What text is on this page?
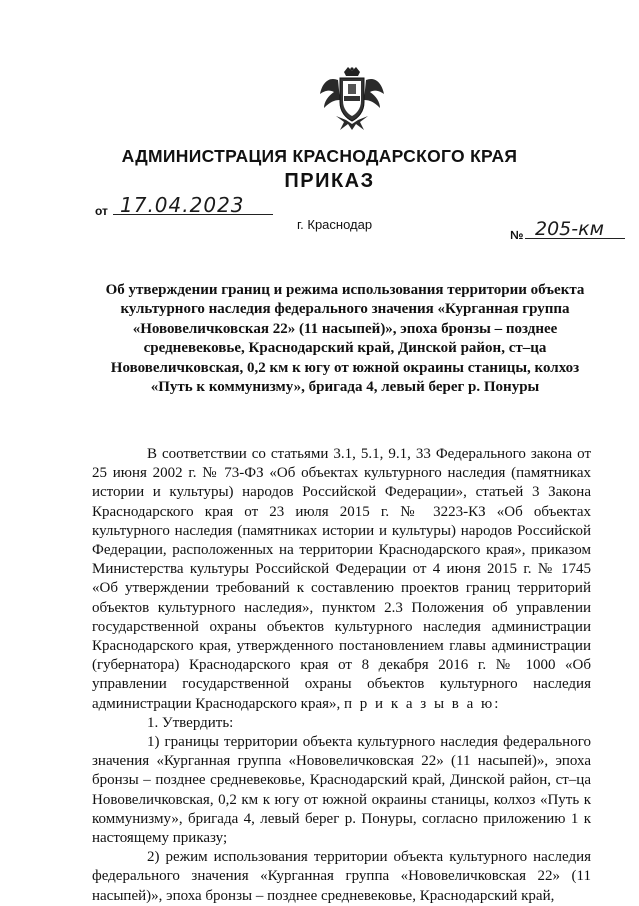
АДМИНИСТРАЦИЯ КРАСНОДАРСКОГО КРАЯ
ПРИКАЗ
от 17.04.2023
г. Краснодар
№ 205-км
Об утверждении границ и режима использования территории объекта культурного наследия федерального значения «Курганная группа «Нововеличковская 22» (11 насыпей)», эпоха бронзы – позднее средневековье, Краснодарский край, Динской район, ст–ца Нововеличковская, 0,2 км к югу от южной окраины станицы, колхоз «Путь к коммунизму», бригада 4, левый берег р. Понуры

В соответствии со статьями 3.1, 5.1, 9.1, 33 Федерального закона от 25 июня 2002 г. № 73-ФЗ «Об объектах культурного наследия (памятниках истории и культуры) народов Российской Федерации», статьей 3 Закона Краснодарского края от 23 июля 2015 г. № 3223-КЗ «Об объектах культурного наследия (памятниках истории и культуры) народов Российской Федерации, расположенных на территории Краснодарского края», приказом Министерства культуры Российской Федерации от 4 июня 2015 г. № 1745 «Об утверждении требований к составлению проектов границ территорий объектов культурного наследия», пунктом 2.3 Положения об управлении государственной охраны объектов культурного наследия администрации Краснодарского края, утвержденного постановлением главы администрации (губернатора) Краснодарского края от 8 декабря 2016 г. № 1000 «Об управлении государственной охраны объектов культурного наследия администрации Краснодарского края», п р и к а з ы в а ю:

1. Утвердить:

1) границы территории объекта культурного наследия федерального значения «Курганная группа «Нововеличковская 22» (11 насыпей)», эпоха бронзы – позднее средневековье, Краснодарский край, Динской район, ст–ца Нововеличковская, 0,2 км к югу от южной окраины станицы, колхоз «Путь к коммунизму», бригада 4, левый берег р. Понуры, согласно приложению 1 к настоящему приказу;

2) режим использования территории объекта культурного наследия федерального значения «Курганная группа «Нововеличковская 22» (11 насыпей)», эпоха бронзы – позднее средневековье, Краснодарский край,
